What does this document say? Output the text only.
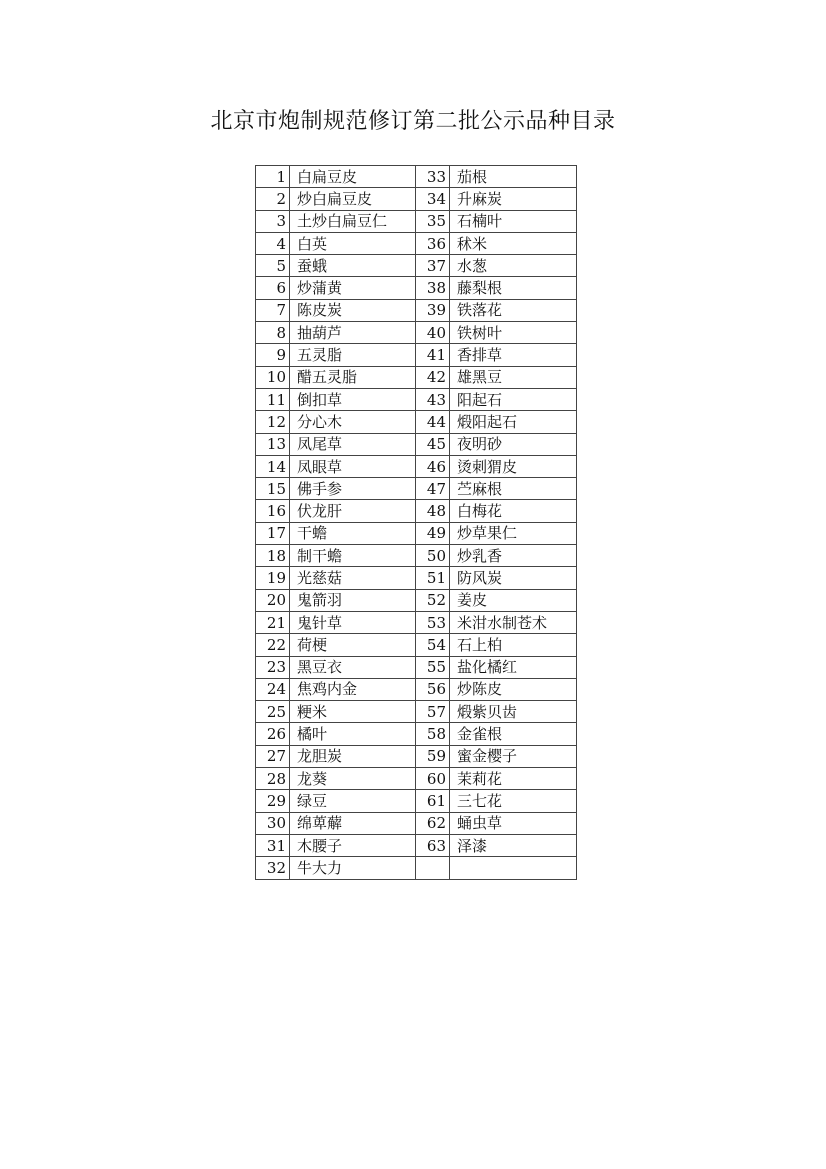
北京市炮制规范修订第二批公示品种目录
1	白扁豆皮	33	茄根
2	炒白扁豆皮	34	升麻炭
3	土炒白扁豆仁	35	石楠叶
4	白英	36	秫米
5	蚕蛾	37	水葱
6	炒蒲黄	38	藤梨根
7	陈皮炭	39	铁落花
8	抽葫芦	40	铁树叶
9	五灵脂	41	香排草
10	醋五灵脂	42	雄黑豆
11	倒扣草	43	阳起石
12	分心木	44	煅阳起石
13	凤尾草	45	夜明砂
14	凤眼草	46	烫刺猬皮
15	佛手参	47	苎麻根
16	伏龙肝	48	白梅花
17	干蟾	49	炒草果仁
18	制干蟾	50	炒乳香
19	光慈菇	51	防风炭
20	鬼箭羽	52	姜皮
21	鬼针草	53	米泔水制苍术
22	荷梗	54	石上柏
23	黑豆衣	55	盐化橘红
24	焦鸡内金	56	炒陈皮
25	粳米	57	煅紫贝齿
26	橘叶	58	金雀根
27	龙胆炭	59	蜜金樱子
28	龙葵	60	茉莉花
29	绿豆	61	三七花
30	绵萆薢	62	蛹虫草
31	木腰子	63	泽漆
32	牛大力		
